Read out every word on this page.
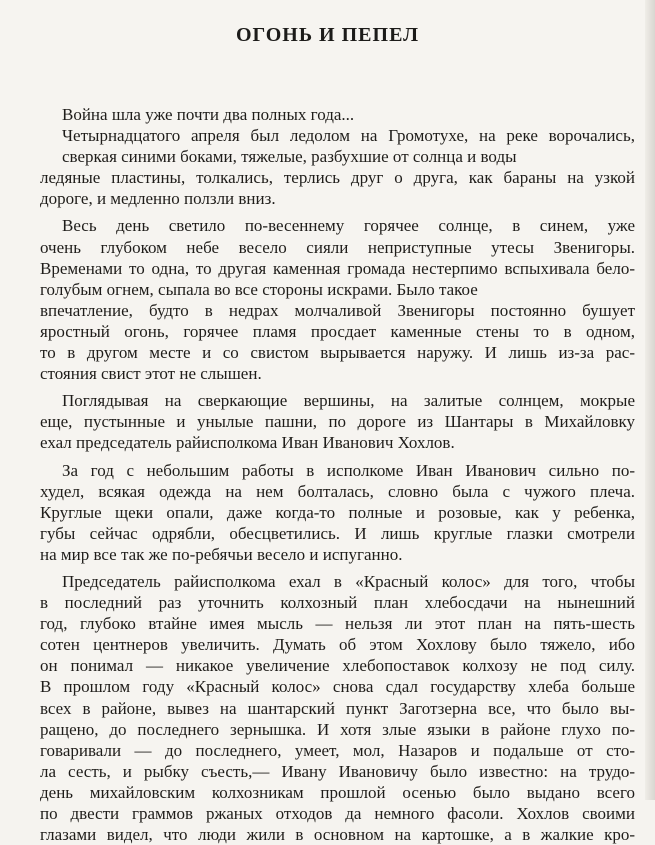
ОГОНЬ И ПЕПЕЛ
Война шла уже почти два полных года...
Четырнадцатого апреля был ледолом на Громотухе, на реке ворочались, сверкая синими боками, тяжелые, разбухшие от солнца и воды
ледяные пластины, толкались, терлись друг о друга, как бараны на узкой
дороге, и медленно ползли вниз.
Весь день светило по-весеннему горячее солнце, в синем, уже
очень глубоком небе весело сияли неприступные утесы Звенигоры.
Временами то одна, то другая каменная громада нестерпимо вспыхивала бело-голубым огнем, сыпала во все стороны искрами. Было такое
впечатление, будто в недрах молчаливой Звенигоры постоянно бушует
яростный огонь, горячее пламя просдает каменные стены то в одном,
то в другом месте и со свистом вырывается наружу. И лишь из-за рас-
стояния свист этот не слышен.
Поглядывая на сверкающие вершины, на залитые солнцем, мокрые
еще, пустынные и унылые пашни, по дороге из Шантары в Михайловку
ехал председатель райисполкома Иван Иванович Хохлов.
За год с небольшим работы в исполкоме Иван Иванович сильно по-
худел, всякая одежда на нем болталась, словно была с чужого плеча.
Круглые щеки опали, даже когда-то полные и розовые, как у ребенка,
губы сейчас одрябли, обесцветились. И лишь круглые глазки смотрели
на мир все так же по-ребячьи весело и испуганно.
Председатель райисполкома ехал в «Красный колос» для того, чтобы
в последний раз уточнить колхозный план хлебосдачи на нынешний
год, глубоко втайне имея мысль — нельзя ли этот план на пять-шесть
сотен центнеров увеличить. Думать об этом Хохлову было тяжело, ибо
он понимал — никакое увеличение хлебопоставок колхозу не под силу.
В прошлом году «Красный колос» снова сдал государству хлеба больше
всех в районе, вывез на шантарский пункт Заготзерна все, что было вы-
ращено, до последнего зернышка. И хотя злые языки в районе глухо по-
говаривали — до последнего, умеет, мол, Назаров и подальше от сто-
ла сесть, и рыбку съесть,— Ивану Ивановичу было известно: на трудо-
день михайловским колхозникам прошлой осенью было выдано всего
по двести граммов ржаных отходов да немного фасоли. Хохлов своими
глазами видел, что люди жили в основном на картошке, а в жалкие кро-
